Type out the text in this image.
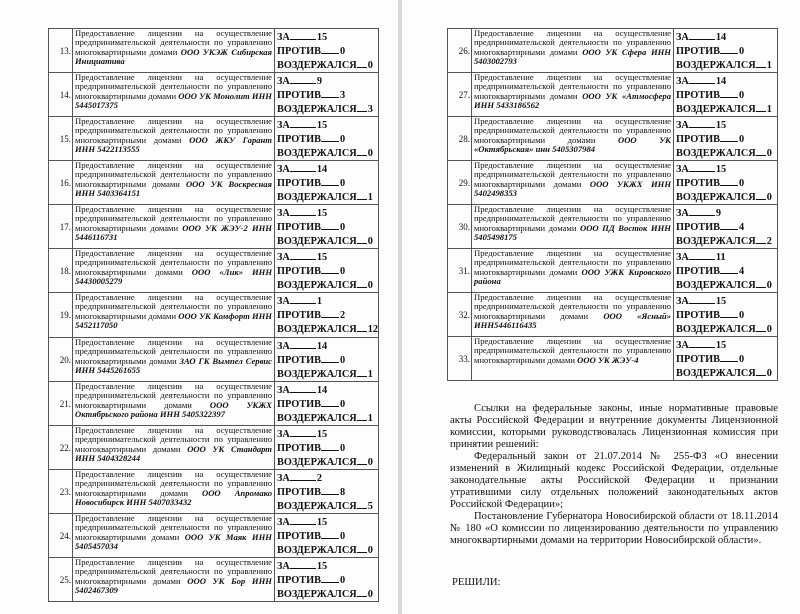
13.	Предоставление лицензии на осуществление предпринимательской деятельности по управлению многоквартирными домами ООО УКЭЖ Сибирская Инициатива	ЗА 15
ПРОТИВ 0
ВОЗДЕРЖАЛСЯ 0

14.	Предоставление лицензии на осуществление предпринимательской деятельности по управлению многоквартирными домами ООО УК Монолит ИНН 5445017375	ЗА 9
ПРОТИВ 3
ВОЗДЕРЖАЛСЯ 3

15.	Предоставление лицензии на осуществление предпринимательской деятельности по управлению многоквартирными домами ООО ЖКУ Гарант ИНН 5422113555	ЗА 15
ПРОТИВ 0
ВОЗДЕРЖАЛСЯ 0

16.	Предоставление лицензии на осуществление предпринимательской деятельности по управлению многоквартирными домами ООО УК Воскресная ИНН 5403364151	ЗА 14
ПРОТИВ 0
ВОЗДЕРЖАЛСЯ 1

17.	Предоставление лицензии на осуществление предпринимательской деятельности по управлению многоквартирными домами ООО УК ЖЭУ-2 ИНН 5446116731	ЗА 15
ПРОТИВ 0
ВОЗДЕРЖАЛСЯ 0

18.	Предоставление лицензии на осуществление предпринимательской деятельности по управлению многоквартирными домами ООО «Лик» ИНН 54430005279	ЗА 15
ПРОТИВ 0
ВОЗДЕРЖАЛСЯ 0

19.	Предоставление лицензии на осуществление предпринимательской деятельности по управлению многоквартирными домами ООО УК Комфорт ИНН 5452117050	ЗА 1
ПРОТИВ 2
ВОЗДЕРЖАЛСЯ 12

20.	Предоставление лицензии на осуществление предпринимательской деятельности по управлению многоквартирными домами ЗАО ГК Вымпел Сервис ИНН 5445261655	ЗА 14
ПРОТИВ 0
ВОЗДЕРЖАЛСЯ 1

21.	Предоставление лицензии на осуществление предпринимательской деятельности по управлению многоквартирными домами ООО УКЖХ Октябрьского района ИНН 5405322397	ЗА 14
ПРОТИВ 0
ВОЗДЕРЖАЛСЯ 1

22.	Предоставление лицензии на осуществление предпринимательской деятельности по управлению многоквартирными домами ООО УК Стандарт ИНН 5404328244	ЗА 15
ПРОТИВ 0
ВОЗДЕРЖАЛСЯ 0

23.	Предоставление лицензии на осуществление предпринимательской деятельности по управлению многоквартирными домами ООО Апромако Новосибирск ИНН 5407033432	ЗА 2
ПРОТИВ 8
ВОЗДЕРЖАЛСЯ 5

24.	Предоставление лицензии на осуществление предпринимательской деятельности по управлению многоквартирными домами ООО УК Маяк ИНН 5405457034	ЗА 15
ПРОТИВ 0
ВОЗДЕРЖАЛСЯ 0

25.	Предоставление лицензии на осуществление предпринимательской деятельности по управлению многоквартирными домами ООО УК Бор ИНН 5402467309	ЗА 15
ПРОТИВ 0
ВОЗДЕРЖАЛСЯ 0
26.	Предоставление лицензии на осуществление предпринимательской деятельности по управлению многоквартирными домами ООО УК Сфера ИНН 5403002793	ЗА 14
ПРОТИВ 0
ВОЗДЕРЖАЛСЯ 1

27.	Предоставление лицензии на осуществление предпринимательской деятельности по управлению многоквартирными домами ООО УК «Атмосфера ИНН 5433186562	ЗА 14
ПРОТИВ 0
ВОЗДЕРЖАЛСЯ 1

28.	Предоставление лицензии на осуществление предпринимательской деятельности по управлению многоквартирными домами ООО УК «Октябрьская» инн 5405307984	ЗА 15
ПРОТИВ 0
ВОЗДЕРЖАЛСЯ 0

29.	Предоставление лицензии на осуществление предпринимательской деятельности по управлению многоквартирными домами ООО УКЖХ ИНН 5402498353	ЗА 15
ПРОТИВ 0
ВОЗДЕРЖАЛСЯ 0

30.	Предоставление лицензии на осуществление предпринимательской деятельности по управлению многоквартирными домами ООО ПД Восток ИНН 5405498175	ЗА 9
ПРОТИВ 4
ВОЗДЕРЖАЛСЯ 2

31.	Предоставление лицензии на осуществление предпринимательской деятельности по управлению многоквартирными домами ООО УЖК Кировского района	ЗА 11
ПРОТИВ 4
ВОЗДЕРЖАЛСЯ 0

32.	Предоставление лицензии на осуществление предпринимательской деятельности по управлению многоквартирными домами ООО «Ясный» ИНН5446116435	ЗА 15
ПРОТИВ 0
ВОЗДЕРЖАЛСЯ 0

33.	Предоставление лицензии на осуществление предпринимательской деятельности по управлению многоквартирными домами ООО УК ЖЭУ-4	ЗА 15
ПРОТИВ 0
ВОЗДЕРЖАЛСЯ 0

Ссылки на федеральные законы, иные нормативные правовые акты Российской Федерации и внутренние документы Лицензионной комиссии, которыми руководствовалась Лицензионная комиссия при принятии решений:

Федеральный закон от 21.07.2014 № 255-ФЗ «О внесении изменений в Жилищный кодекс Российской Федерации, отдельные законодательные акты Российской Федерации и признании утратившими силу отдельных положений законодательных актов Российской Федерации»;

Постановление Губернатора Новосибирской области от 18.11.2014 № 180 «О комиссии по лицензированию деятельности по управлению многоквартирными домами на территории Новосибирской области».

РЕШИЛИ:
